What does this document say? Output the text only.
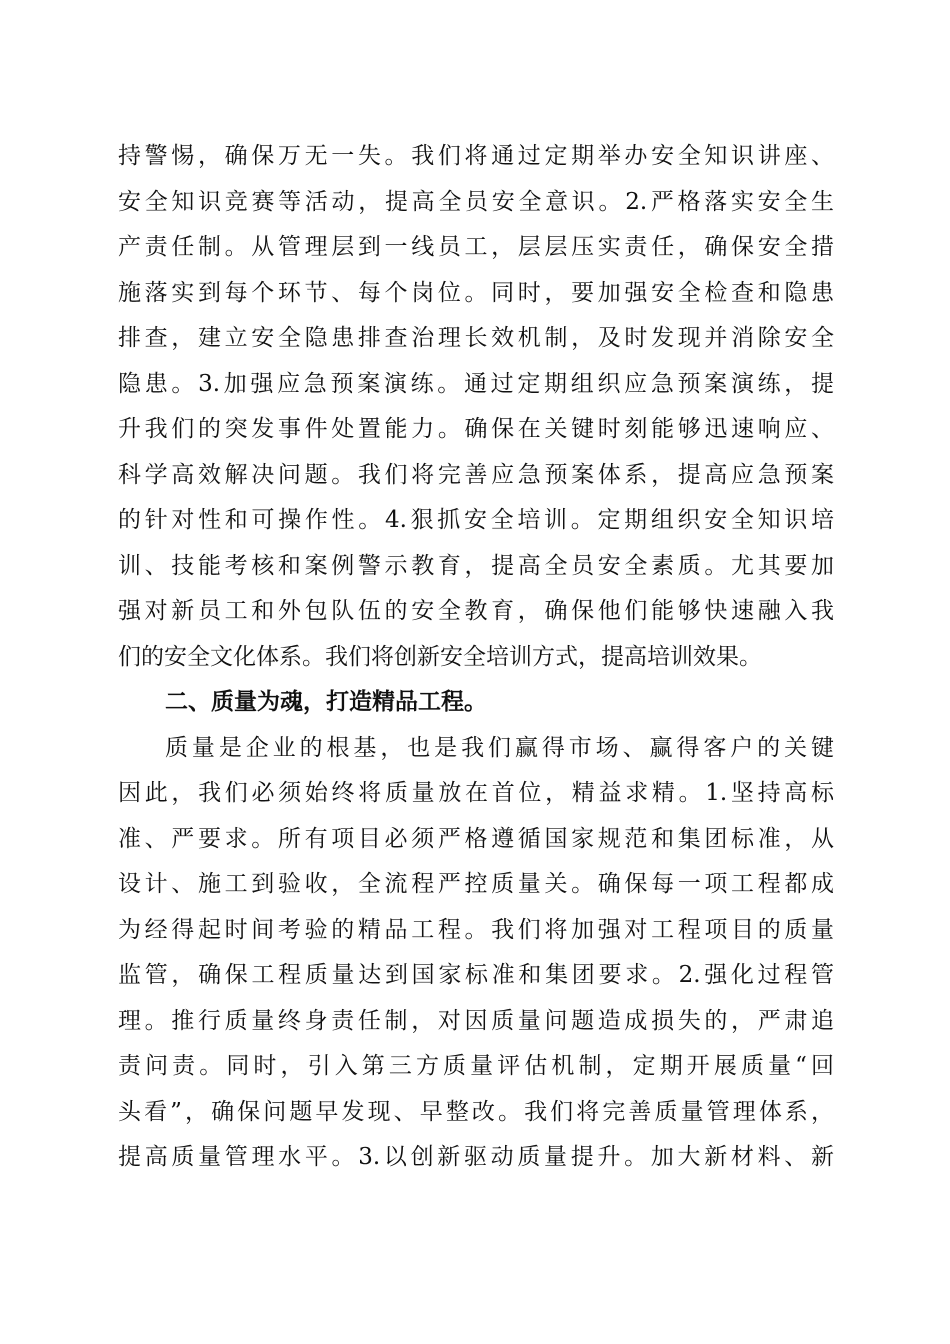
持警惕，确保万无一失。我们将通过定期举办安全知识讲座、
安全知识竞赛等活动，提高全员安全意识。2.严格落实安全生
产责任制。从管理层到一线员工，层层压实责任，确保安全措
施落实到每个环节、每个岗位。同时，要加强安全检查和隐患
排查，建立安全隐患排查治理长效机制，及时发现并消除安全
隐患。3.加强应急预案演练。通过定期组织应急预案演练，提
升我们的突发事件处置能力。确保在关键时刻能够迅速响应、
科学高效解决问题。我们将完善应急预案体系，提高应急预案
的针对性和可操作性。4.狠抓安全培训。定期组织安全知识培
训、技能考核和案例警示教育，提高全员安全素质。尤其要加
强对新员工和外包队伍的安全教育，确保他们能够快速融入我
们的安全文化体系。我们将创新安全培训方式，提高培训效果。
二、质量为魂，打造精品工程。
质量是企业的根基，也是我们赢得市场、赢得客户的关键
因此，我们必须始终将质量放在首位，精益求精。1.坚持高标
准、严要求。所有项目必须严格遵循国家规范和集团标准，从
设计、施工到验收，全流程严控质量关。确保每一项工程都成
为经得起时间考验的精品工程。我们将加强对工程项目的质量
监管，确保工程质量达到国家标准和集团要求。2.强化过程管
理。推行质量终身责任制，对因质量问题造成损失的，严肃追
责问责。同时，引入第三方质量评估机制，定期开展质量“回
头看”，确保问题早发现、早整改。我们将完善质量管理体系，
提高质量管理水平。3.以创新驱动质量提升。加大新材料、新
